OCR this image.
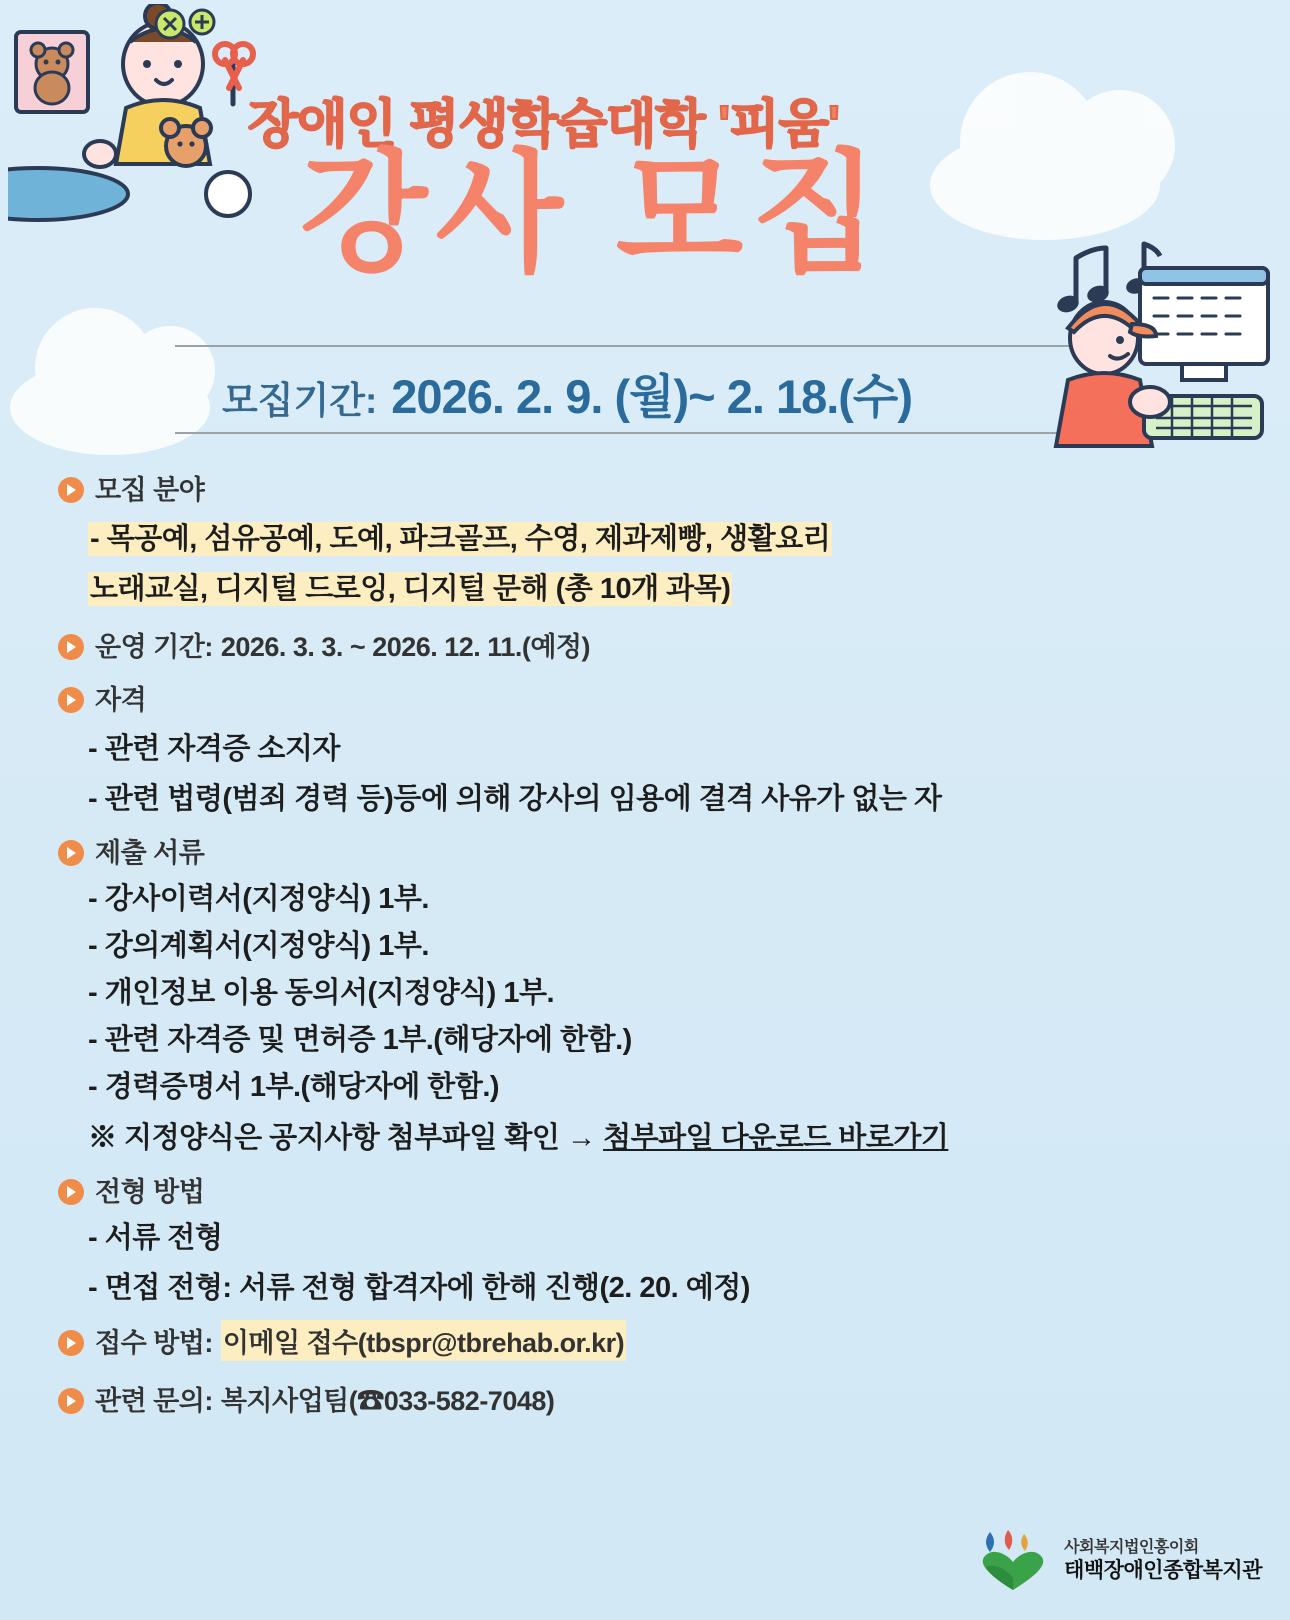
장애인 평생학습대학 '피움'
강사 모집
모집기간: 2026. 2. 9. (월)~ 2. 18.(수)
모집 분야
- 목공예, 섬유공예, 도예, 파크골프, 수영, 제과제빵, 생활요리
노래교실, 디지털 드로잉, 디지털 문해 (총 10개 과목)
운영 기간: 2026. 3. 3. ~ 2026. 12. 11.(예정)
자격
- 관련 자격증 소지자
- 관련 법령(범죄 경력 등)등에 의해 강사의 임용에 결격 사유가 없는 자
제출 서류
- 강사이력서(지정양식) 1부.
- 강의계획서(지정양식) 1부.
- 개인정보 이용 동의서(지정양식) 1부.
- 관련 자격증 및 면허증 1부.(해당자에 한함.)
- 경력증명서 1부.(해당자에 한함.)
※ 지정양식은 공지사항 첨부파일 확인 → 첨부파일 다운로드 바로가기
전형 방법
- 서류 전형
- 면접 전형: 서류 전형 합격자에 한해 진행(2. 20. 예정)
접수 방법: 이메일 접수(tbspr@tbrehab.or.kr)
관련 문의: 복지사업팀(☎033-582-7048)
사회복지법인홍이회
태백장애인종합복지관
